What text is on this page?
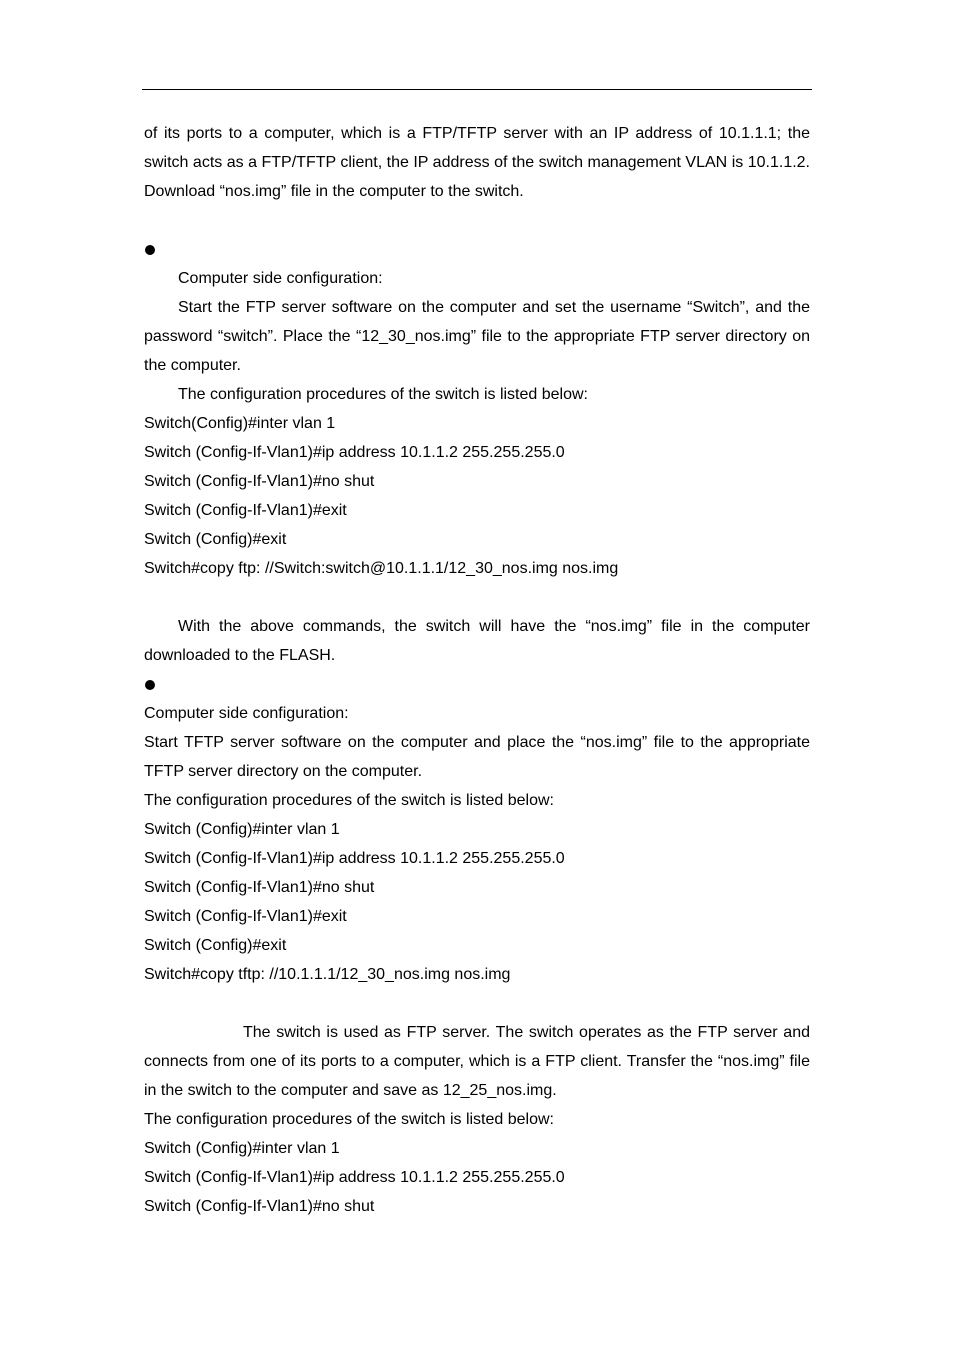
of its ports to a computer, which is a FTP/TFTP server with an IP address of 10.1.1.1; the switch acts as a FTP/TFTP client, the IP address of the switch management VLAN is 10.1.1.2. Download “nos.img” file in the computer to the switch.

Computer side configuration:

Start the FTP server software on the computer and set the username “Switch”, and the password “switch”. Place the “12_30_nos.img” file to the appropriate FTP server directory on the computer.

The configuration procedures of the switch is listed below:

Switch(Config)#inter vlan 1

Switch (Config-If-Vlan1)#ip address 10.1.1.2 255.255.255.0

Switch (Config-If-Vlan1)#no shut

Switch (Config-If-Vlan1)#exit

Switch (Config)#exit

Switch#copy ftp: //Switch:switch@10.1.1.1/12_30_nos.img nos.img

With the above commands, the switch will have the “nos.img” file in the computer downloaded to the FLASH.

Computer side configuration:

Start TFTP server software on the computer and place the “nos.img” file to the appropriate TFTP server directory on the computer.

The configuration procedures of the switch is listed below:

Switch (Config)#inter vlan 1

Switch (Config-If-Vlan1)#ip address 10.1.1.2 255.255.255.0

Switch (Config-If-Vlan1)#no shut

Switch (Config-If-Vlan1)#exit

Switch (Config)#exit

Switch#copy tftp: //10.1.1.1/12_30_nos.img nos.img

The switch is used as FTP server. The switch operates as the FTP server and connects from one of its ports to a computer, which is a FTP client. Transfer the “nos.img” file in the switch to the computer and save as 12_25_nos.img.

The configuration procedures of the switch is listed below:

Switch (Config)#inter vlan 1

Switch (Config-If-Vlan1)#ip address 10.1.1.2 255.255.255.0

Switch (Config-If-Vlan1)#no shut
